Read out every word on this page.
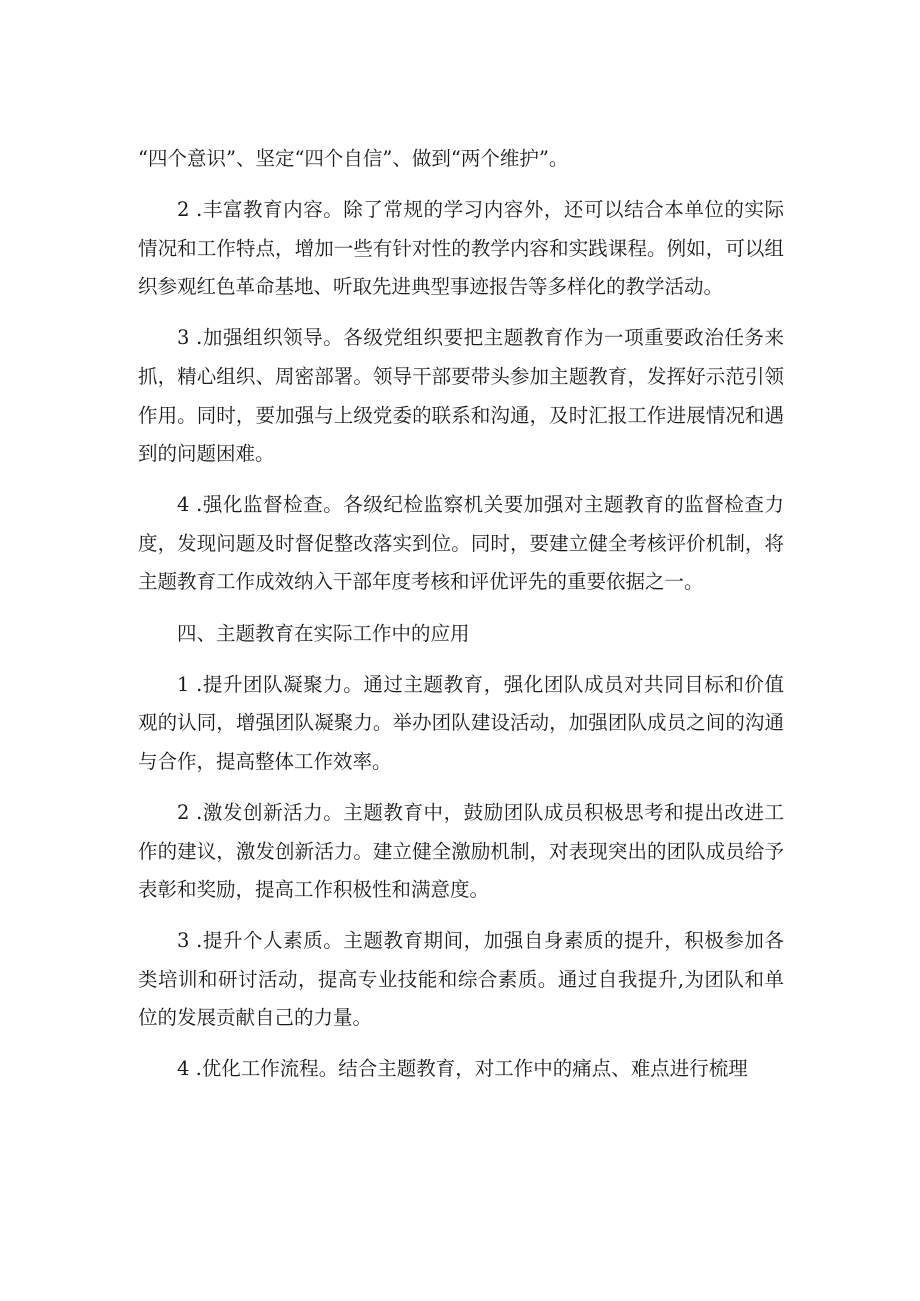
“四个意识”、坚定“四个自信”、做到“两个维护”。

2 .丰富教育内容。除了常规的学习内容外，还可以结合本单位的实际情况和工作特点，增加一些有针对性的教学内容和实践课程。例如，可以组织参观红色革命基地、听取先进典型事迹报告等多样化的教学活动。

3 .加强组织领导。各级党组织要把主题教育作为一项重要政治任务来抓，精心组织、周密部署。领导干部要带头参加主题教育，发挥好示范引领作用。同时，要加强与上级党委的联系和沟通，及时汇报工作进展情况和遇到的问题困难。

4 .强化监督检查。各级纪检监察机关要加强对主题教育的监督检查力度，发现问题及时督促整改落实到位。同时，要建立健全考核评价机制，将主题教育工作成效纳入干部年度考核和评优评先的重要依据之一。

四、主题教育在实际工作中的应用

1 .提升团队凝聚力。通过主题教育，强化团队成员对共同目标和价值观的认同，增强团队凝聚力。举办团队建设活动，加强团队成员之间的沟通与合作，提高整体工作效率。

2 .激发创新活力。主题教育中，鼓励团队成员积极思考和提出改进工作的建议，激发创新活力。建立健全激励机制，对表现突出的团队成员给予表彰和奖励，提高工作积极性和满意度。

3 .提升个人素质。主题教育期间，加强自身素质的提升，积极参加各类培训和研讨活动，提高专业技能和综合素质。通过自我提升,为团队和单位的发展贡献自己的力量。

4 .优化工作流程。结合主题教育，对工作中的痛点、难点进行梳理
